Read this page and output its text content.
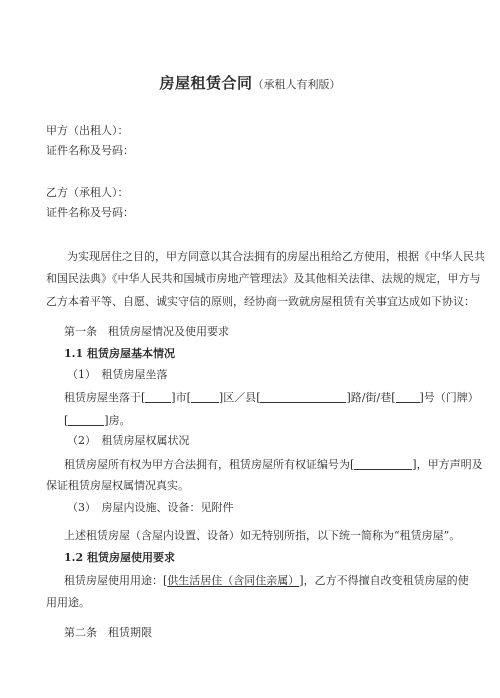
房屋租赁合同（承租人有利版）
甲方（出租人）：
证件名称及号码：
乙方（承租人）：
证件名称及号码：
为实现居住之目的，甲方同意以其合法拥有的房屋出租给乙方使用，根据《中华人民共
和国民法典》《中华人民共和国城市房地产管理法》及其他相关法律、法规的规定，甲方与
乙方本着平等、自愿、诚实守信的原则，经协商一致就房屋租赁有关事宜达成如下协议：
第一条　租赁房屋情况及使用要求
1.1 租赁房屋基本情况
（1）　租赁房屋坐落
租赁房屋坐落于[ ]市[	]区／县[	]路/街/巷[ ]号（门牌）
[	]房。
（2）　租赁房屋权属状况
租赁房屋所有权为甲方合法拥有，租赁房屋所有权证编号为[	]，甲方声明及
保证租赁房屋权属情况真实。
（3）　房屋内设施、设备：见附件
上述租赁房屋（含屋内设置、设备）如无特别所指，以下统一简称为“租赁房屋”。
1.2 租赁房屋使用要求
租赁房屋使用用途：[供生活居住（含同住亲属）]，乙方不得擅自改变租赁房屋的使
用用途。
第二条　租赁期限
